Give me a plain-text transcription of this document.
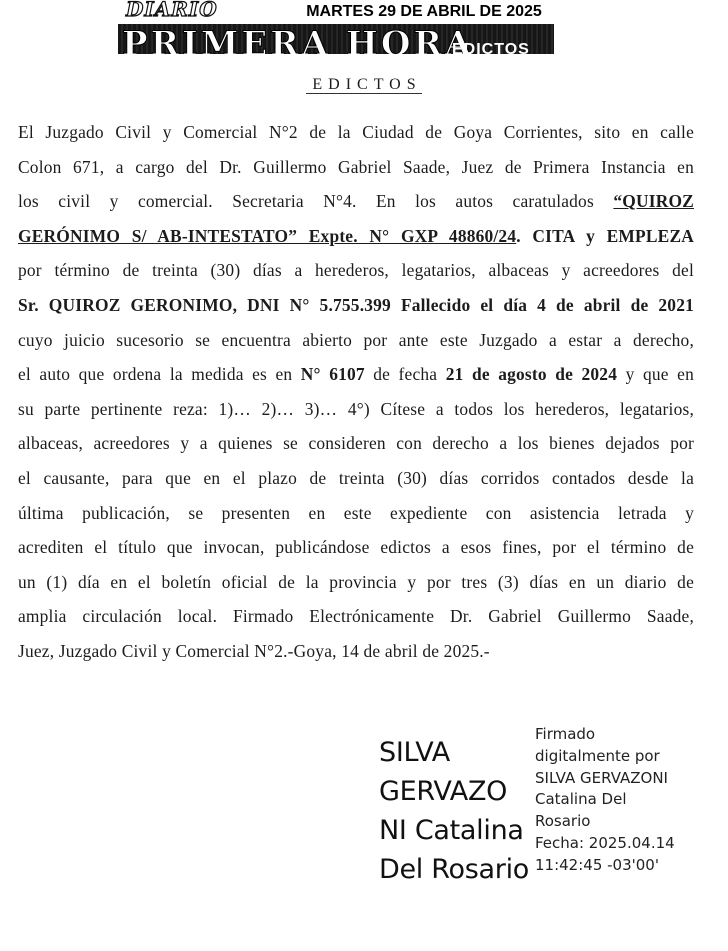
DIARIO
PRIMERA HORA
EDICTOS
MARTES 29 DE ABRIL DE 2025
EDICTOS
El Juzgado Civil y Comercial N°2 de la Ciudad de Goya Corrientes, sito en calle
Colon 671, a cargo del Dr. Guillermo Gabriel Saade, Juez de Primera Instancia en
los civil y comercial. Secretaria N°4. En los autos caratulados “QUIROZ
GERÓNIMO S/ AB-INTESTATO” Expte. N° GXP 48860/24. CITA y EMPLEZA
por término de treinta (30) días a herederos, legatarios, albaceas y acreedores del
Sr. QUIROZ GERONIMO, DNI N° 5.755.399 Fallecido el día 4 de abril de 2021
cuyo juicio sucesorio se encuentra abierto por ante este Juzgado a estar a derecho,
el auto que ordena la medida es en N° 6107 de fecha 21 de agosto de 2024 y que en
su parte pertinente reza: 1)… 2)… 3)… 4°) Cítese a todos los herederos, legatarios,
albaceas, acreedores y a quienes se consideren con derecho a los bienes dejados por
el causante, para que en el plazo de treinta (30) días corridos contados desde la
última publicación, se presenten en este expediente con asistencia letrada y
acrediten el título que invocan, publicándose edictos a esos fines, por el término de
un (1) día en el boletín oficial de la provincia y por tres (3) días en un diario de
amplia circulación local. Firmado Electrónicamente Dr. Gabriel Guillermo Saade,
Juez, Juzgado Civil y Comercial N°2.-Goya, 14 de abril de 2025.-
SILVA
GERVAZO
NI Catalina
Del Rosario
Firmado
digitalmente por
SILVA GERVAZONI
Catalina Del
Rosario
Fecha: 2025.04.14
11:42:45 -03'00'
